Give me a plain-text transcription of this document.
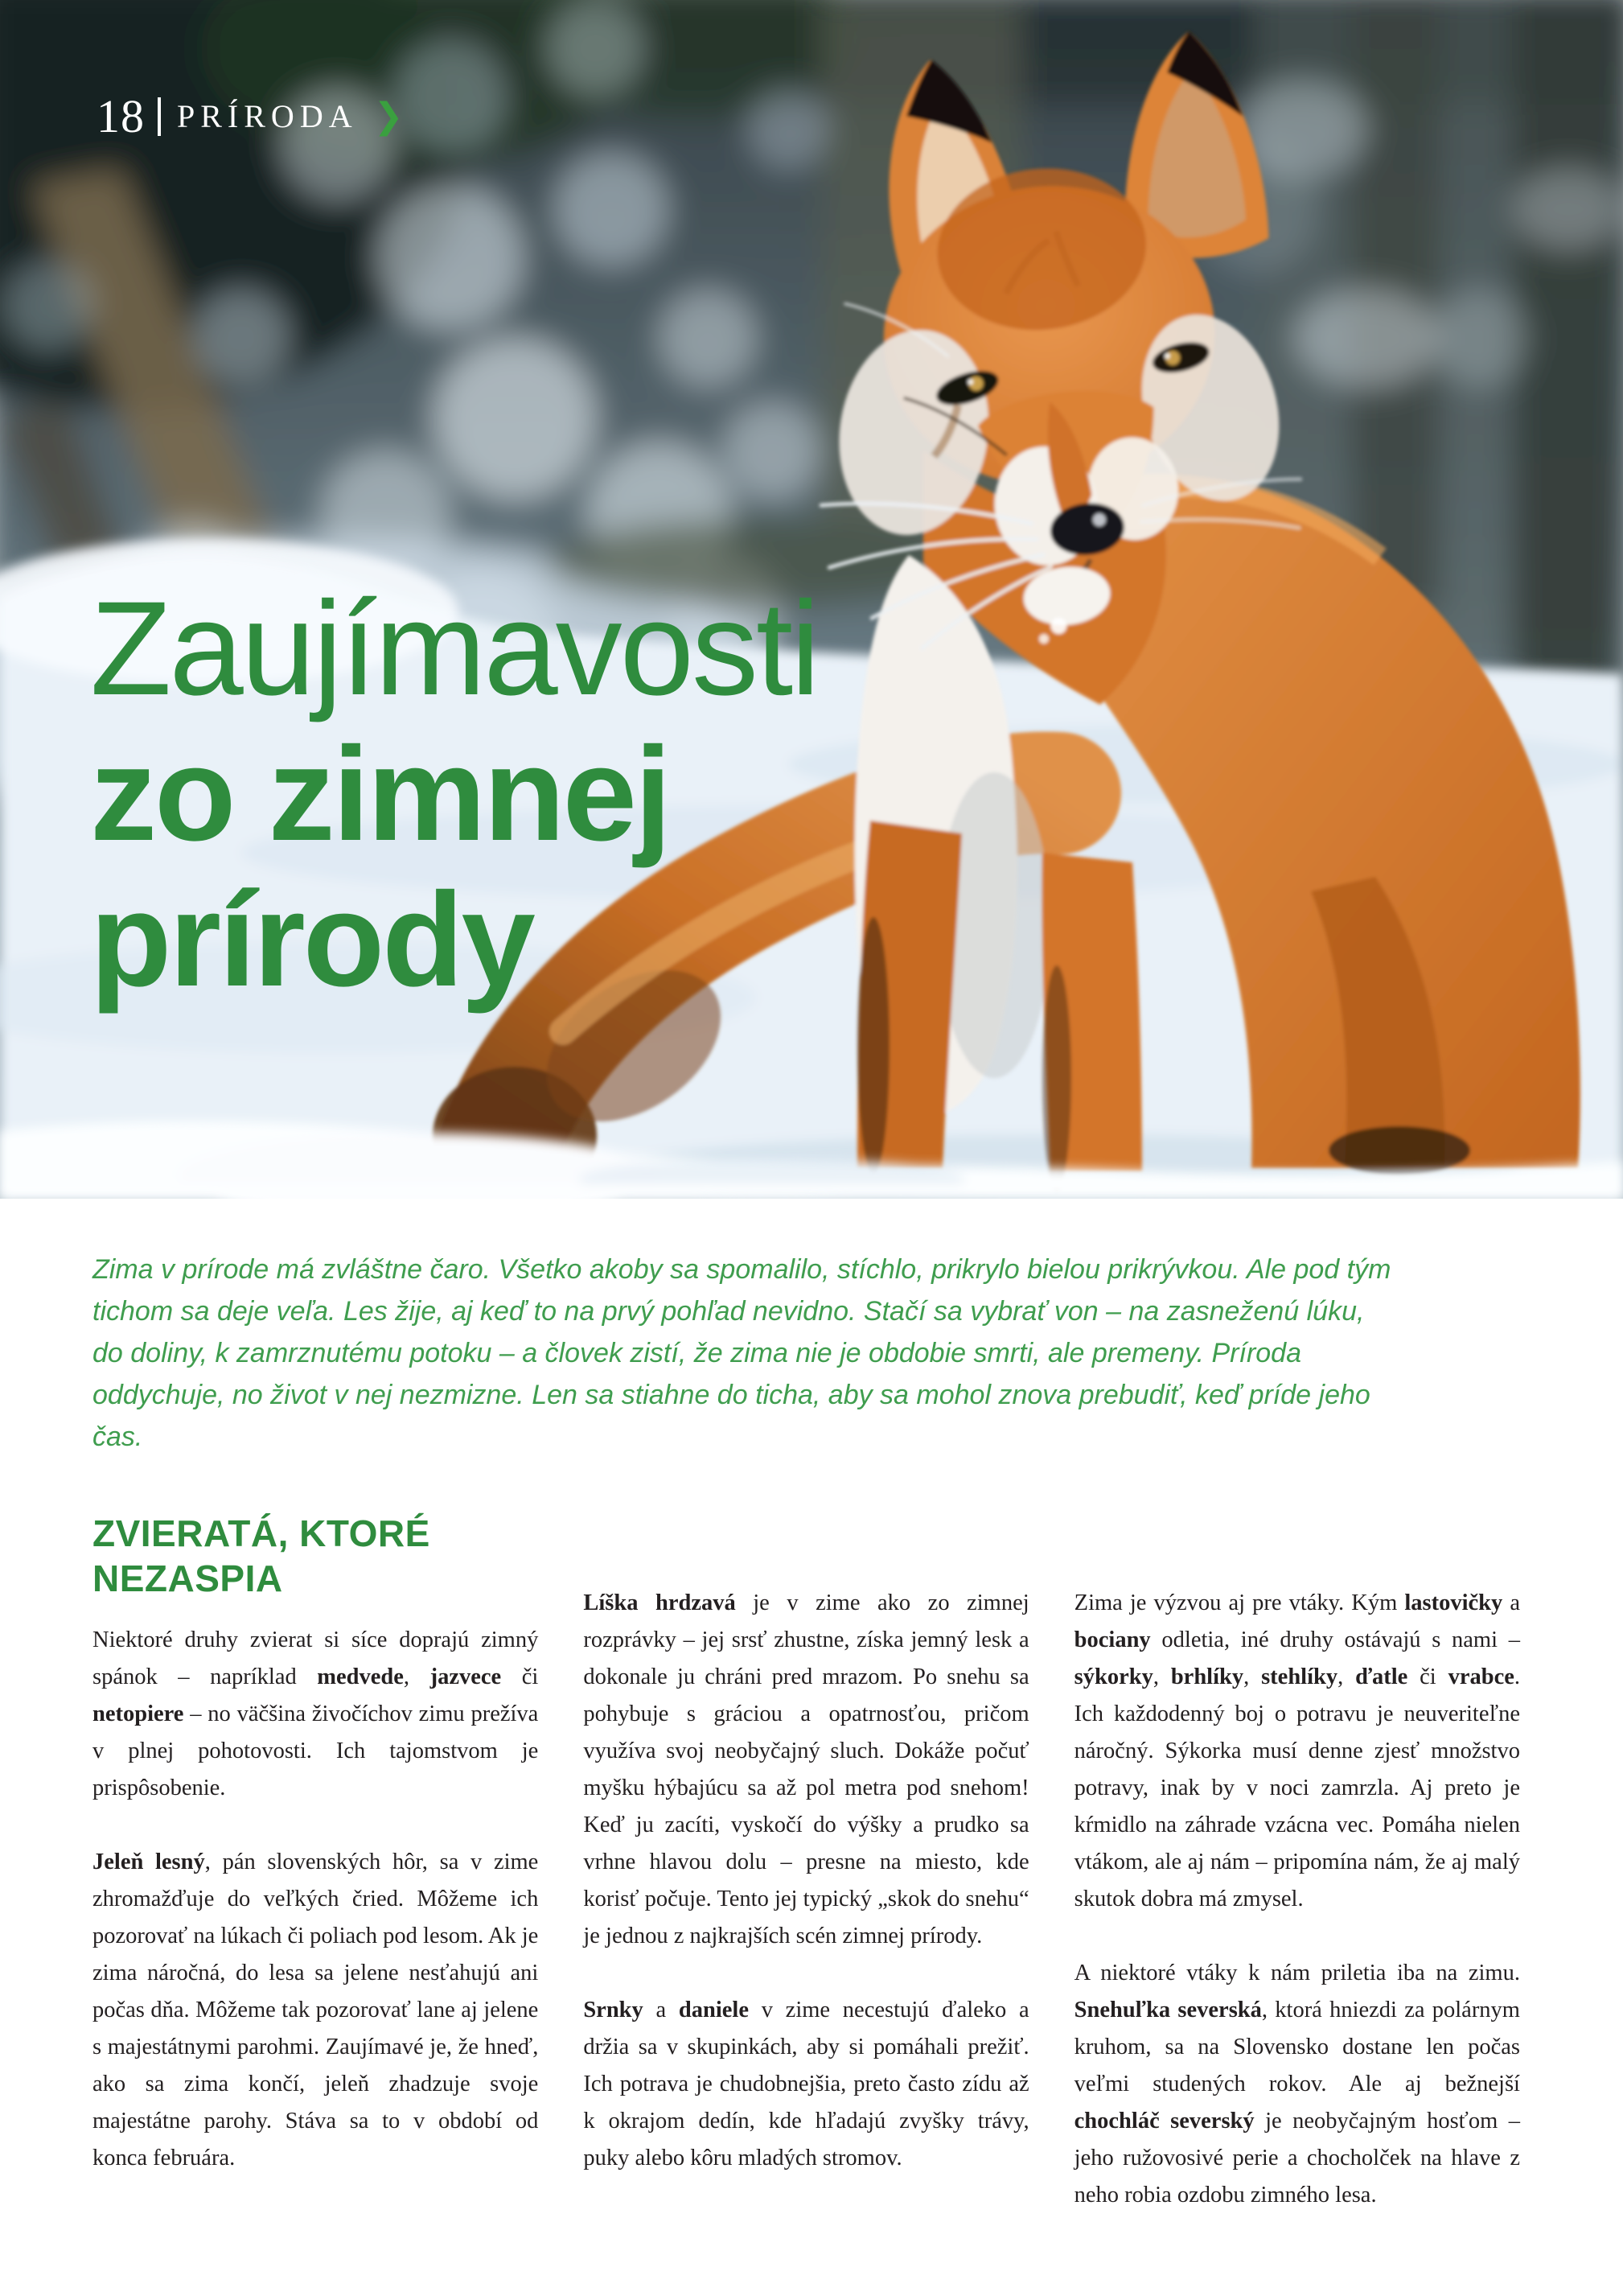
18 PRÍRODA ❯
Zaujímavosti
zo zimnej
prírody

Zima v prírode má zvláštne čaro. Všetko akoby sa spomalilo, stíchlo, prikrylo bielou prikrývkou. Ale pod tým tichom sa deje veľa. Les žije, aj keď to na prvý pohľad nevidno. Stačí sa vybrať von – na zasneženú lúku, do doliny, k zamrznutému potoku – a človek zistí, že zima nie je obdobie smrti, ale premeny. Príroda oddychuje, no život v nej nezmizne. Len sa stiahne do ticha, aby sa mohol znova prebudiť, keď príde jeho čas.

ZVIERATÁ, KTORÉ
NEZASPIA

Niektoré druhy zvierat si síce doprajú zimný spánok – napríklad medvede, jazvece či netopiere – no väčšina živočíchov zimu prežíva v plnej pohotovosti. Ich tajomstvom je prispôsobenie.

Jeleň lesný, pán slovenských hôr, sa v zime zhromažďuje do veľkých čried. Môžeme ich pozorovať na lúkach či poliach pod lesom. Ak je zima náročná, do lesa sa jelene nesťahujú ani počas dňa. Môžeme tak pozorovať lane aj jelene s majestátnymi parohmi. Zaujímavé je, že hneď, ako sa zima končí, jeleň zhadzuje svoje majestátne parohy. Stáva sa to v období od konca februára.

Líška hrdzavá je v zime ako zo zimnej rozprávky – jej srsť zhustne, získa jemný lesk a dokonale ju chráni pred mrazom. Po snehu sa pohybuje s gráciou a opatrnosťou, pričom využíva svoj neobyčajný sluch. Dokáže počuť myšku hýbajúcu sa až pol metra pod snehom! Keď ju zacíti, vyskočí do výšky a prudko sa vrhne hlavou dolu – presne na miesto, kde korisť počuje. Tento jej typický „skok do snehu“ je jednou z najkrajších scén zimnej prírody.

Srnky a daniele v zime necestujú ďaleko a držia sa v skupinkách, aby si pomáhali prežiť. Ich potrava je chudobnejšia, preto často zídu až k okrajom dedín, kde hľadajú zvyšky trávy, puky alebo kôru mladých stromov.

Zima je výzvou aj pre vtáky. Kým lastovičky a bociany odletia, iné druhy ostávajú s nami – sýkorky, brhlíky, stehlíky, ďatle či vrabce. Ich každodenný boj o potravu je neuveriteľne náročný. Sýkorka musí denne zjesť množstvo potravy, inak by v noci zamrzla. Aj preto je kŕmidlo na záhrade vzácna vec. Pomáha nielen vtákom, ale aj nám – pripomína nám, že aj malý skutok dobra má zmysel.

A niektoré vtáky k nám priletia iba na zimu. Snehuľka severská, ktorá hniezdi za polárnym kruhom, sa na Slovensko dostane len počas veľmi studených rokov. Ale aj bežnejší chochláč severský je neobyčajným hosťom – jeho ružovosivé perie a chocholček na hlave z neho robia ozdobu zimného lesa.
